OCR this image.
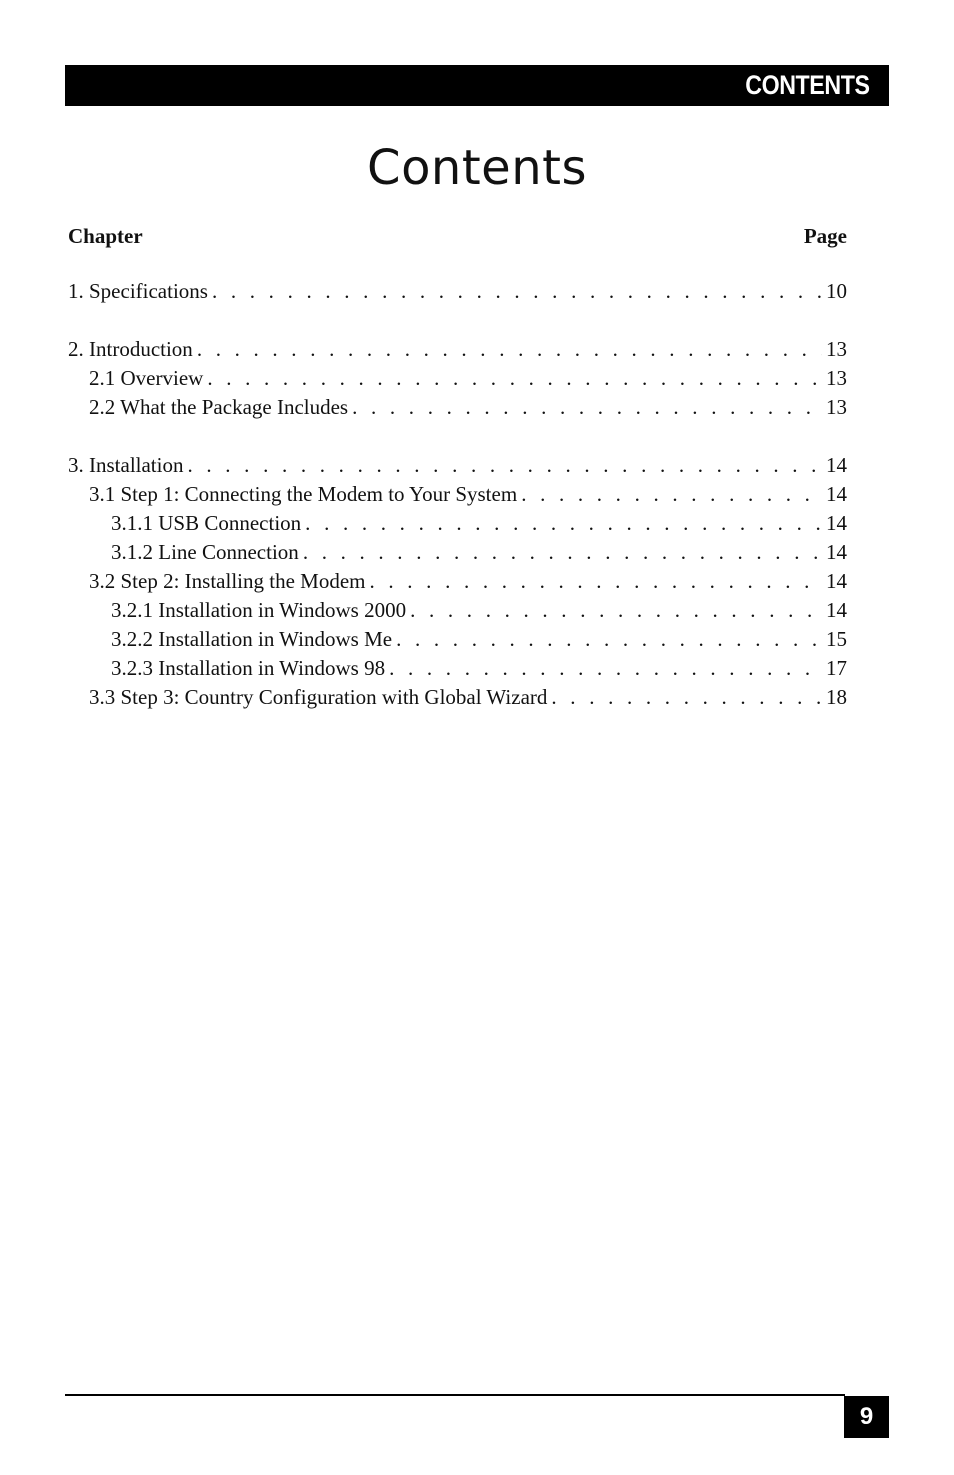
CONTENTS
Contents
Chapter	Page
1. Specifications . . .	10
2. Introduction . . .	13
2.1 Overview . . .	13
2.2 What the Package Includes . . .	13
3. Installation . . .	14
3.1 Step 1: Connecting the Modem to Your System . . .	14
3.1.1 USB Connection . . .	14
3.1.2 Line Connection . . .	14
3.2 Step 2: Installing the Modem . . .	14
3.2.1 Installation in Windows 2000 . . .	14
3.2.2 Installation in Windows Me . . .	15
3.2.3 Installation in Windows 98 . . .	17
3.3 Step 3: Country Configuration with Global Wizard . . .	18
9
